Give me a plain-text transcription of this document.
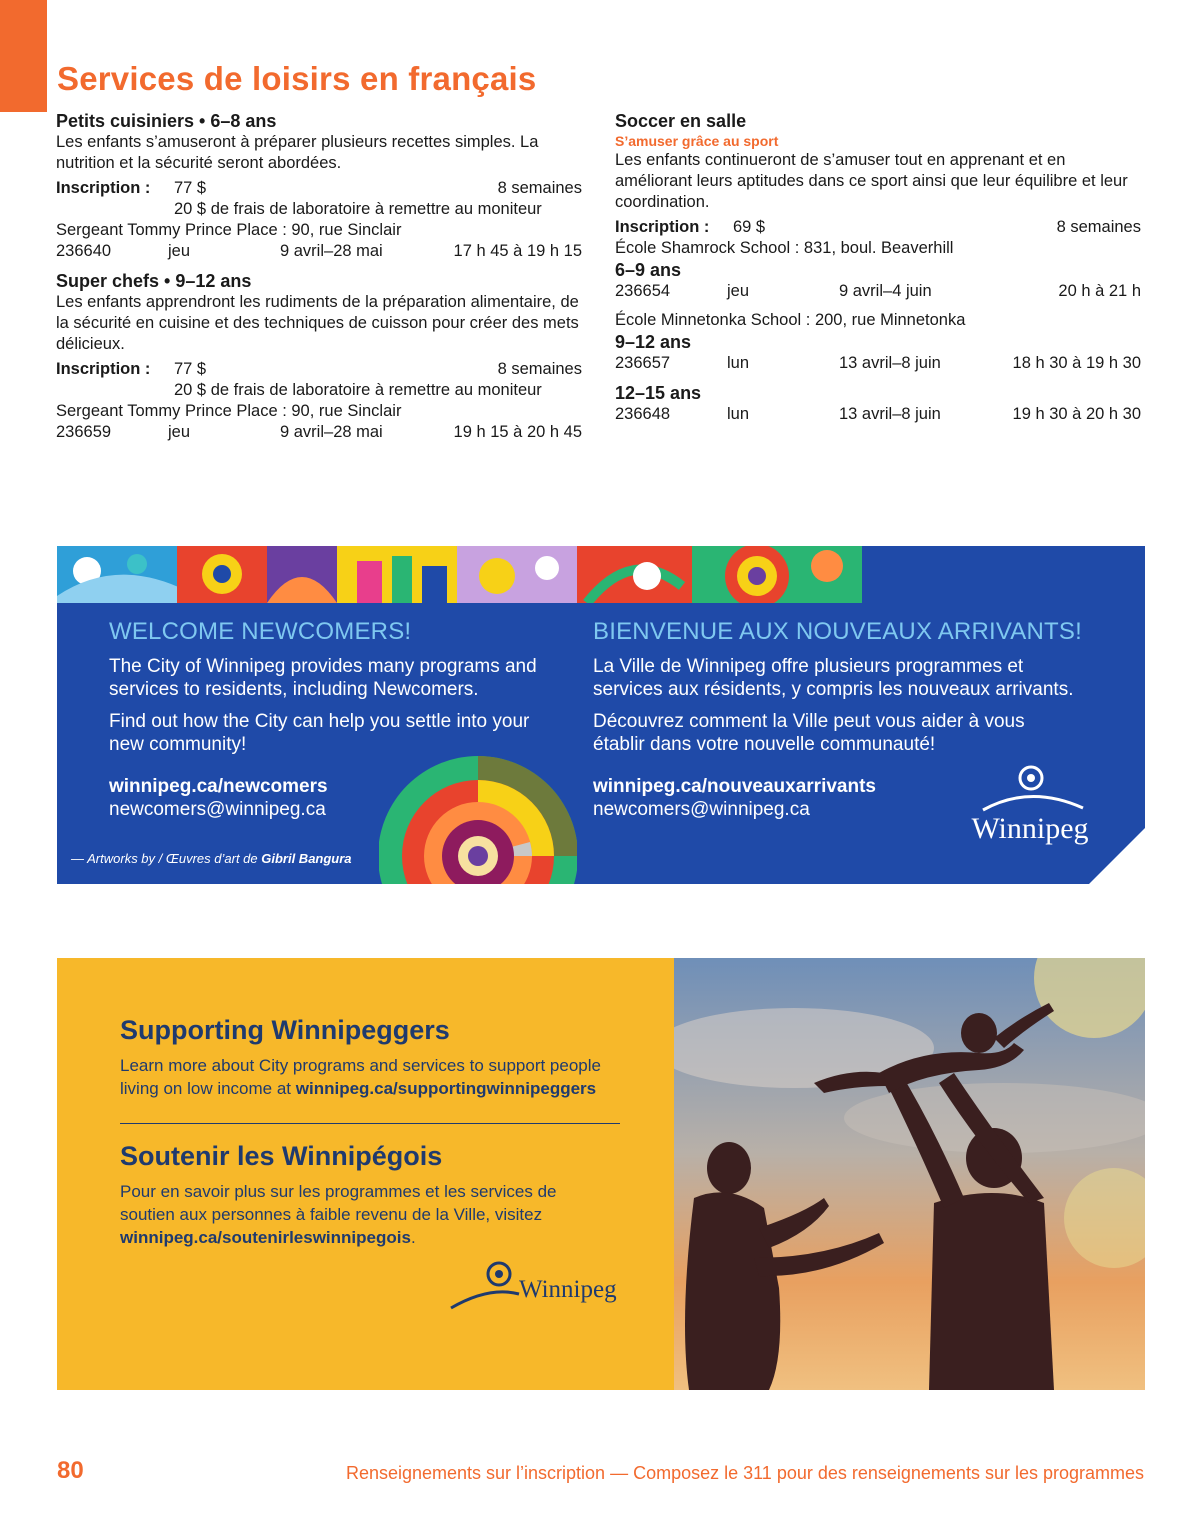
Services de loisirs en français
Petits cuisiniers • 6–8 ans
Les enfants s’amuseront à préparer plusieurs recettes simples. La nutrition et la sécurité seront abordées.
Inscription :	77 $	8 semaines
20 $ de frais de laboratoire à remettre au moniteur
Sergeant Tommy Prince Place : 90, rue Sinclair
236640	jeu	9 avril–28 mai	17 h 45 à 19 h 15
Super chefs • 9–12 ans
Les enfants apprendront les rudiments de la préparation alimentaire, de la sécurité en cuisine et des techniques de cuisson pour créer des mets délicieux.
Inscription :	77 $	8 semaines
20 $ de frais de laboratoire à remettre au moniteur
Sergeant Tommy Prince Place : 90, rue Sinclair
236659	jeu	9 avril–28 mai	19 h 15 à 20 h 45
Soccer en salle
S’amuser grâce au sport
Les enfants continueront de s’amuser tout en apprenant et en améliorant leurs aptitudes dans ce sport ainsi que leur équilibre et leur coordination.
Inscription :	69 $	8 semaines
École Shamrock School : 831, boul. Beaverhill
6–9 ans
236654	jeu	9 avril–4 juin	20 h à 21 h
École Minnetonka School : 200, rue Minnetonka
9–12 ans
236657	lun	13 avril–8 juin	18 h 30 à 19 h 30
12–15 ans
236648	lun	13 avril–8 juin	19 h 30 à 20 h 30
WELCOME NEWCOMERS!
The City of Winnipeg provides many programs and services to residents, including Newcomers.
Find out how the City can help you settle into your new community!
winnipeg.ca/newcomers
newcomers@winnipeg.ca
BIENVENUE AUX NOUVEAUX ARRIVANTS!
La Ville de Winnipeg offre plusieurs programmes et services aux résidents, y compris les nouveaux arrivants.
Découvrez comment la Ville peut vous aider à vous établir dans votre nouvelle communauté!
winnipeg.ca/nouveauxarrivants
newcomers@winnipeg.ca
— Artworks by / Œuvres d’art de Gibril Bangura
Winnipeg
Supporting Winnipeggers
Learn more about City programs and services to support people living on low income at winnipeg.ca/supportingwinnipeggers
Soutenir les Winnipégois
Pour en savoir plus sur les programmes et les services de soutien aux personnes à faible revenu de la Ville, visitez winnipeg.ca/soutenirleswinnipegois.
Winnipeg
80	Renseignements sur l’inscription — Composez le 311 pour des renseignements sur les programmes
